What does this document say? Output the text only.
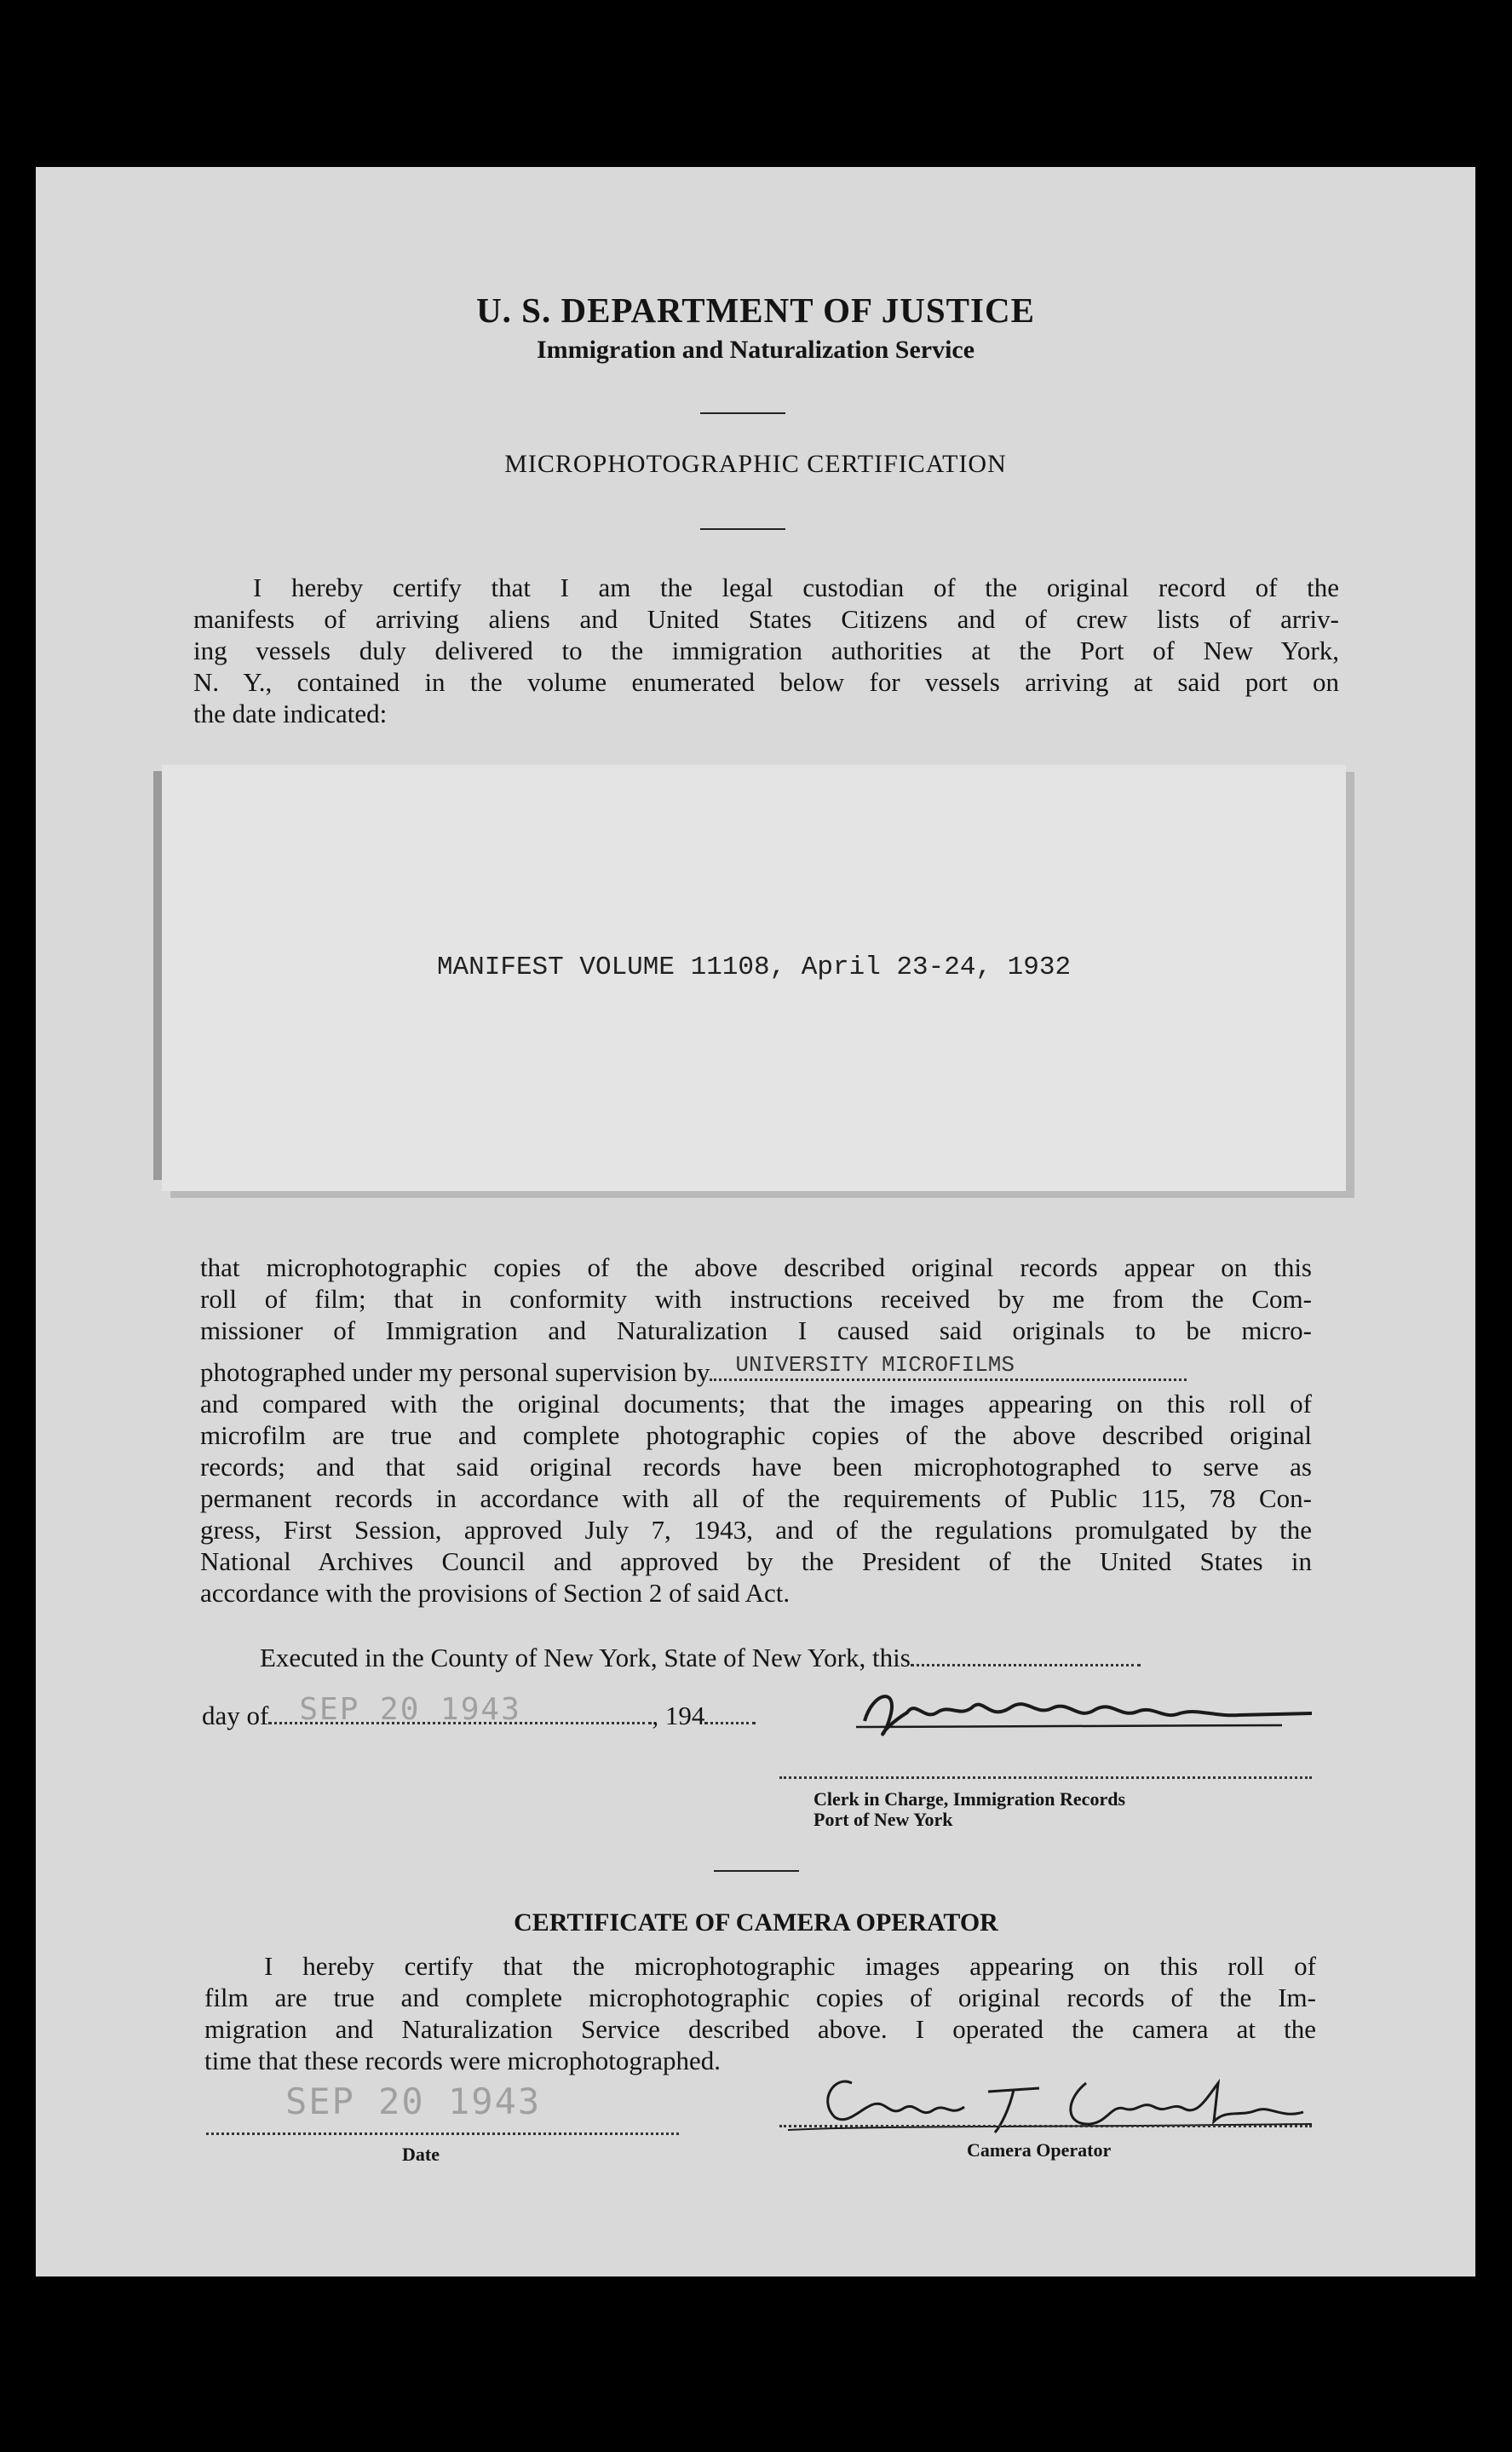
U. S. DEPARTMENT OF JUSTICE
Immigration and Naturalization Service
MICROPHOTOGRAPHIC CERTIFICATION
I hereby certify that I am the legal custodian of the original record of the
manifests of arriving aliens and United States Citizens and of crew lists of arriv-
ing vessels duly delivered to the immigration authorities at the Port of New York,
N. Y., contained in the volume enumerated below for vessels arriving at said port on
the date indicated:
MANIFEST VOLUME 11108, April 23-24, 1932
that microphotographic copies of the above described original records appear on this
roll of film; that in conformity with instructions received by me from the Com-
missioner of Immigration and Naturalization I caused said originals to be micro-
photographed under my personal supervision by UNIVERSITY MICROFILMS
and compared with the original documents; that the images appearing on this roll of
microfilm are true and complete photographic copies of the above described original
records; and that said original records have been microphotographed to serve as
permanent records in accordance with all of the requirements of Public 115, 78 Con-
gress, First Session, approved July 7, 1943, and of the regulations promulgated by the
National Archives Council and approved by the President of the United States in
accordance with the provisions of Section 2 of said Act.
Executed in the County of New York, State of New York, this
day of SEP 20 1943	, 194
Clerk in Charge, Immigration Records
Port of New York
CERTIFICATE OF CAMERA OPERATOR
I hereby certify that the microphotographic images appearing on this roll of
film are true and complete microphotographic copies of original records of the Im-
migration and Naturalization Service described above. I operated the camera at the
time that these records were microphotographed.
SEP 20 1943
Date	Camera Operator
